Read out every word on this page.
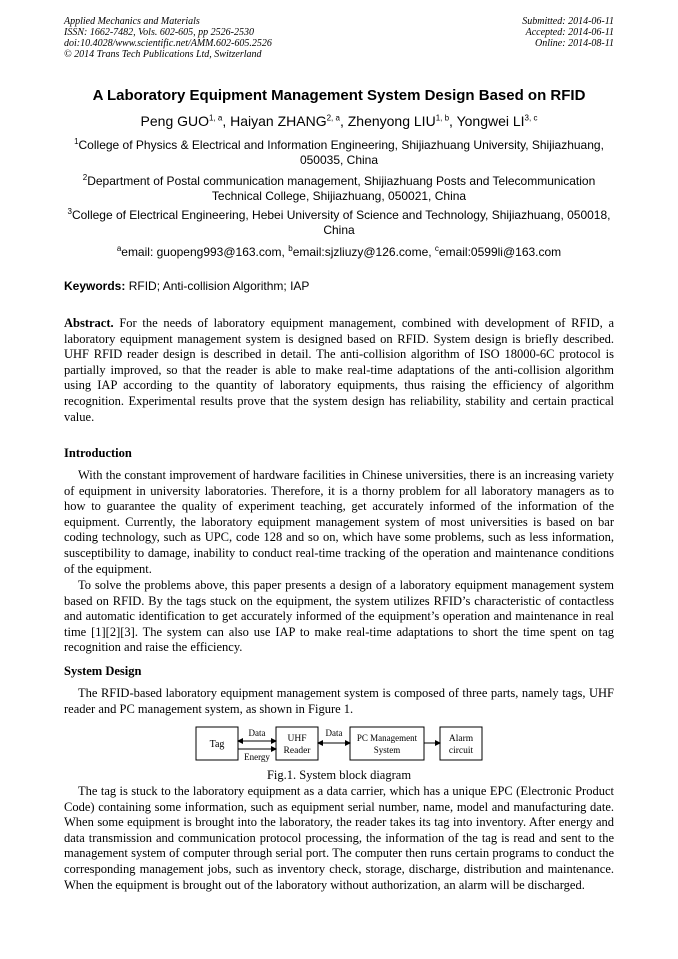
Applied Mechanics and Materials
ISSN: 1662-7482, Vols. 602-605, pp 2526-2530
doi:10.4028/www.scientific.net/AMM.602-605.2526
© 2014 Trans Tech Publications Ltd, Switzerland
Submitted: 2014-06-11
Accepted: 2014-06-11
Online: 2014-08-11
A Laboratory Equipment Management System Design Based on RFID
Peng GUO$^{1, a}$, Haiyan ZHANG$^{2, a}$, Zhenyong LIU$^{1, b}$, Yongwei LI$^{3, c}$
$^1$College of Physics & Electrical and Information Engineering, Shijiazhuang University, Shijiazhuang, 050035, China
$^2$Department of Postal communication management, Shijiazhuang Posts and Telecommunication Technical College, Shijiazhuang, 050021, China
$^3$College of Electrical Engineering, Hebei University of Science and Technology, Shijiazhuang, 050018, China
$^a$email: guopeng993@163.com, $^b$email:sjzliuzy@126.come, $^c$email:0599li@163.com
Keywords: RFID; Anti-collision Algorithm; IAP
Abstract. For the needs of laboratory equipment management, combined with development of RFID, a laboratory equipment management system is designed based on RFID. System design is briefly described. UHF RFID reader design is described in detail. The anti-collision algorithm of ISO 18000-6C protocol is partially improved, so that the reader is able to make real-time adaptations of the anti-collision algorithm using IAP according to the quantity of laboratory equipments, thus raising the efficiency of algorithm recognition. Experimental results prove that the system design has reliability, stability and certain practical value.
Introduction
With the constant improvement of hardware facilities in Chinese universities, there is an increasing variety of equipment in university laboratories. Therefore, it is a thorny problem for all laboratory managers as to how to guarantee the quality of experiment teaching, get accurately informed of the information of the equipment. Currently, the laboratory equipment management system of most universities is based on bar coding technology, such as UPC, code 128 and so on, which have some problems, such as less information, susceptibility to damage, inability to conduct real-time tracking of the operation and maintenance conditions of the equipment.
To solve the problems above, this paper presents a design of a laboratory equipment management system based on RFID. By the tags stuck on the equipment, the system utilizes RFID’s characteristic of contactless and automatic identification to get accurately informed of the equipment’s operation and maintenance in real time [1][2][3]. The system can also use IAP to make real-time adaptations to short the time spent on tag recognition and raise the efficiency.
System Design
The RFID-based laboratory equipment management system is composed of three parts, namely tags, UHF reader and PC management system, as shown in Figure 1.
Tag	UHF
Reader
PC Management
System
Alarm
circuit
Data
Energy
Data
Fig.1. System block diagram
The tag is stuck to the laboratory equipment as a data carrier, which has a unique EPC (Electronic Product Code) containing some information, such as equipment serial number, name, model and manufacturing date. When some equipment is brought into the laboratory, the reader takes its tag into inventory. After energy and data transmission and communication protocol processing, the information of the tag is read and sent to the management system of computer through serial port. The computer then runs certain programs to conduct the corresponding management jobs, such as inventory check, storage, discharge, distribution and maintenance. When the equipment is brought out of the laboratory without authorization, an alarm will be discharged.
